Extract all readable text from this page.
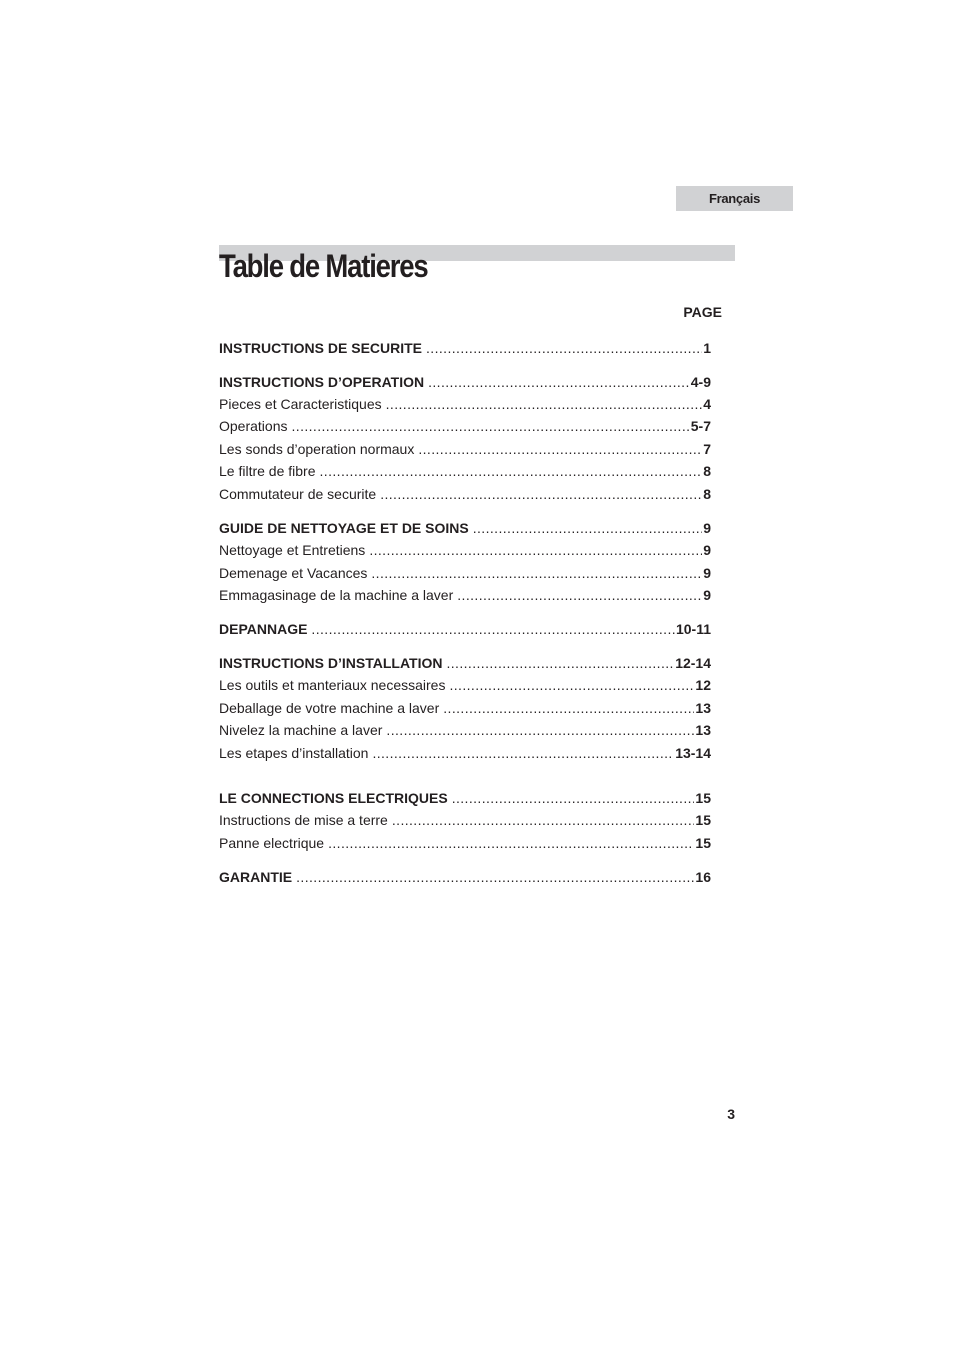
Français
Table de Matieres
PAGE
INSTRUCTIONS DE SECURITE .....	1
INSTRUCTIONS D’OPERATION .....	4-9
Pieces et Caracteristiques .....	4
Operations .....	5-7
Les sonds d’operation normaux .....	7
Le filtre de fibre .....	8
Commutateur de securite .....	8
GUIDE DE NETTOYAGE ET DE SOINS .....	9
Nettoyage et Entretiens .....	9
Demenage et Vacances .....	9
Emmagasinage de la machine a laver .....	9
DEPANNAGE .....	10-11
INSTRUCTIONS D’INSTALLATION .....	12-14
Les outils et manteriaux necessaires .....	12
Deballage de votre machine a laver .....	13
Nivelez la machine a laver .....	13
Les etapes d’installation .....	13-14
LE CONNECTIONS ELECTRIQUES .....	15
Instructions de mise a terre .....	15
Panne electrique .....	15
GARANTIE .....	16
3
